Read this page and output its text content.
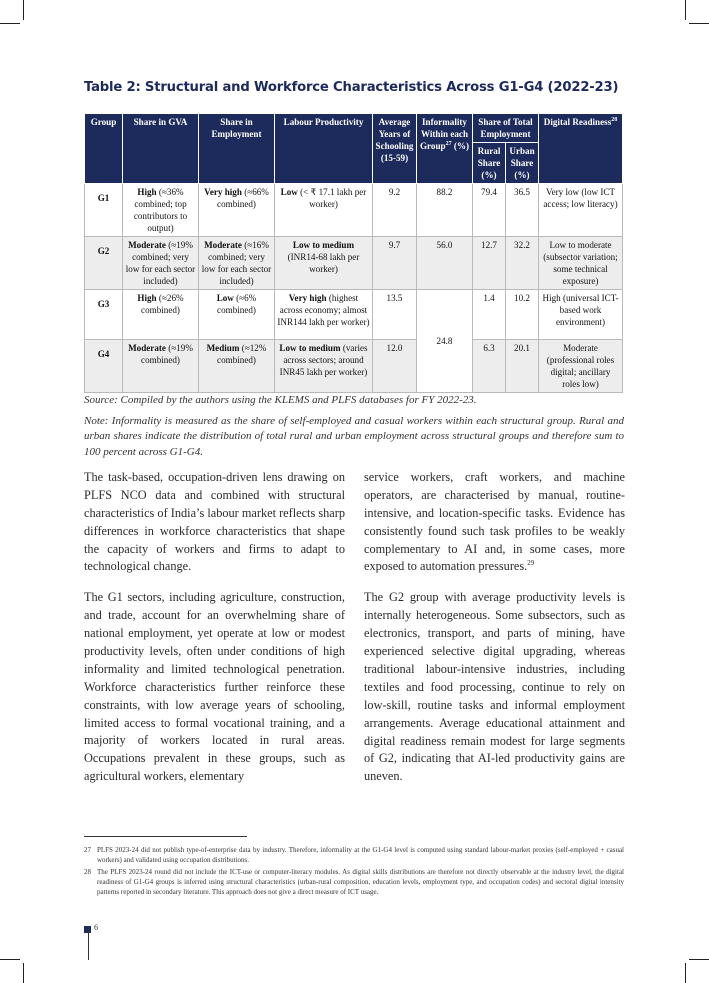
Table 2: Structural and Workforce Characteristics Across G1-G4 (2022-23)
Group	Share in GVA	Share in Employment	Labour Productivity	Average Years of Schooling (15-59)	Informality Within each Group$^{27}$ (%)	Share of Total Employment		Digital Readiness$^{28}$
						Rural Share (%)	Urban Share (%)	
G1	High (≈36% combined; top contributors to output)	Very high (≈66% combined)	Low (< ₹ 17.1 lakh per worker)	9.2	88.2	79.4	36.5	Very low (low ICT access; low literacy)
G2	Moderate (≈19% combined; very low for each sector included)	Moderate (≈16% combined; very low for each sector included)	Low to medium (INR14-68 lakh per worker)	9.7	56.0	12.7	32.2	Low to moderate (subsector variation; some technical exposure)
G3	High (≈26% combined)	Low (≈6% combined)	Very high (highest across economy; almost INR144 lakh per worker)	13.5	24.8	1.4	10.2	High (universal ICT-based work environment)
G4	Moderate (≈19% combined)	Medium (≈12% combined)	Low to medium (varies across sectors; around INR45 lakh per worker)	12.0		6.3	20.1	Moderate (professional roles digital; ancillary roles low)
Source: Compiled by the authors using the KLEMS and PLFS databases for FY 2022-23.
Note: Informality is measured as the share of self-employed and casual workers within each structural group. Rural and urban shares indicate the distribution of total rural and urban employment across structural groups and therefore sum to 100 percent across G1-G4.

The task-based, occupation-driven lens drawing on PLFS NCO data and combined with structural characteristics of India’s labour market reflects sharp differences in workforce characteristics that shape the capacity of workers and firms to adapt to technological change.

The G1 sectors, including agriculture, construction, and trade, account for an overwhelming share of national employment, yet operate at low or modest productivity levels, often under conditions of high informality and limited technological penetration. Workforce characteristics further reinforce these constraints, with low average years of schooling, limited access to formal vocational training, and a majority of workers located in rural areas. Occupations prevalent in these groups, such as agricultural workers, elementary

service workers, craft workers, and machine operators, are characterised by manual, routine-intensive, and location-specific tasks. Evidence has consistently found such task profiles to be weakly complementary to AI and, in some cases, more exposed to automation pressures.$^{29}$

The G2 group with average productivity levels is internally heterogeneous. Some subsectors, such as electronics, transport, and parts of mining, have experienced selective digital upgrading, whereas traditional labour-intensive industries, including textiles and food processing, continue to rely on low-skill, routine tasks and informal employment arrangements. Average educational attainment and digital readiness remain modest for large segments of G2, indicating that AI-led productivity gains are uneven.

27 PLFS 2023-24 did not publish type-of-enterprise data by industry. Therefore, informality at the G1-G4 level is computed using standard labour-market proxies (self-employed + casual workers) and validated using occupation distributions.
28 The PLFS 2023-24 round did not include the ICT-use or computer-literacy modules. As digital skills distributions are therefore not directly observable at the industry level, the digital readiness of G1-G4 groups is inferred using structural characteristics (urban-rural composition, education levels, employment type, and occupation codes) and sectoral digital intensity patterns reported in secondary literature. This approach does not give a direct measure of ICT usage.
6
